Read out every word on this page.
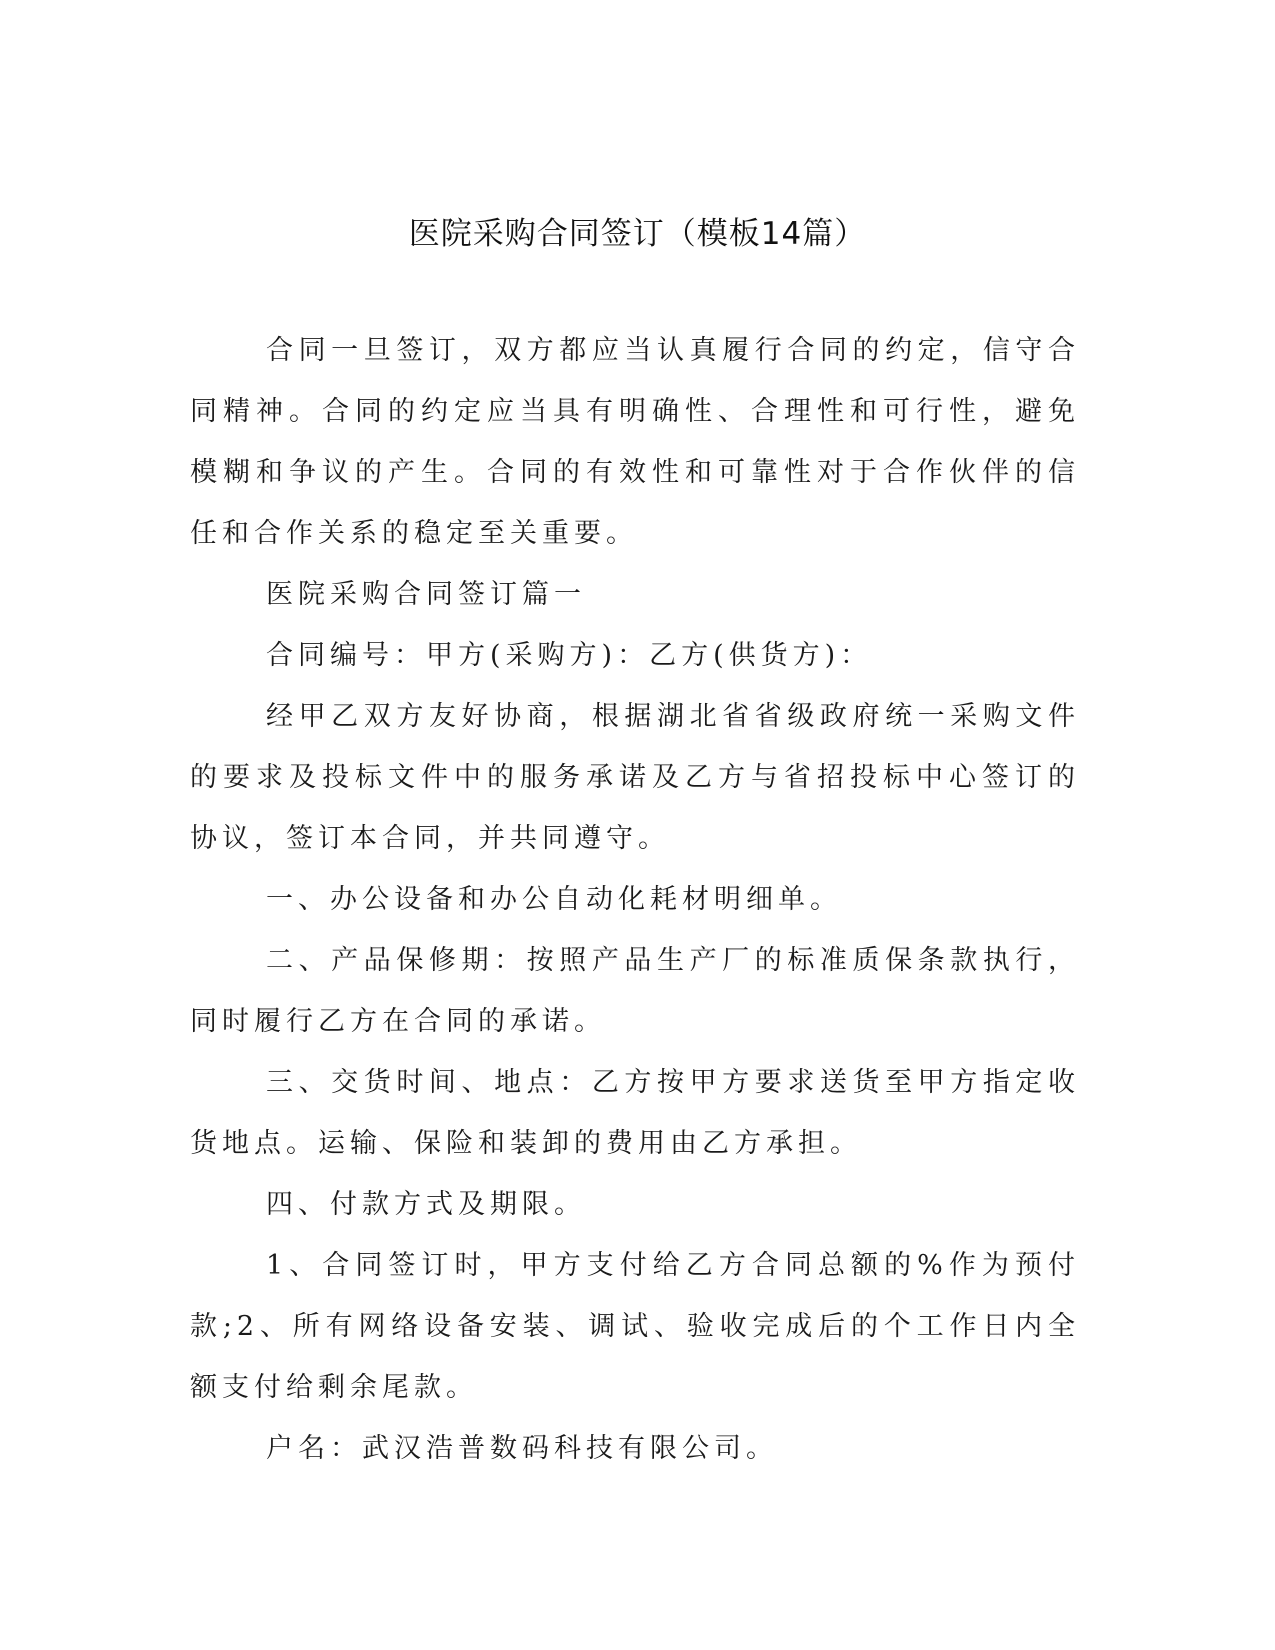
医院采购合同签订（模板14篇）

合同一旦签订，双方都应当认真履行合同的约定，信守合同精神。合同的约定应当具有明确性、合理性和可行性，避免模糊和争议的产生。合同的有效性和可靠性对于合作伙伴的信任和合作关系的稳定至关重要。

医院采购合同签订篇一

合同编号：甲方(采购方)：乙方(供货方)：

经甲乙双方友好协商，根据湖北省省级政府统一采购文件的要求及投标文件中的服务承诺及乙方与省招投标中心签订的协议，签订本合同，并共同遵守。

一、办公设备和办公自动化耗材明细单。

二、产品保修期：按照产品生产厂的标准质保条款执行，同时履行乙方在合同的承诺。

三、交货时间、地点：乙方按甲方要求送货至甲方指定收货地点。运输、保险和装卸的费用由乙方承担。

四、付款方式及期限。

1、合同签订时，甲方支付给乙方合同总额的%作为预付款;2、所有网络设备安装、调试、验收完成后的个工作日内全额支付给剩余尾款。

户名：武汉浩普数码科技有限公司。
